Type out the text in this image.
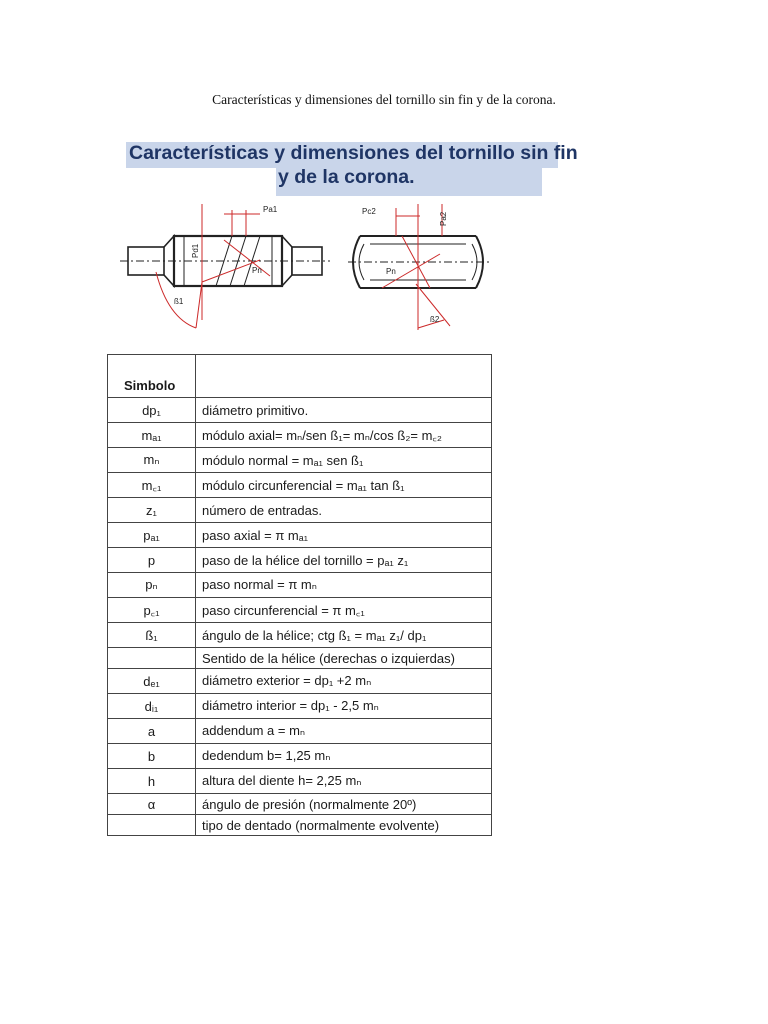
Características y dimensiones del tornillo sin fin y de la corona.
Características y dimensiones del tornillo sin fin
y de la corona.
Pa1
Pd1
Pn
ß1
Pc2
Pa2
Pn
ß2
Simbolo	
dp₁	diámetro primitivo.
mₐ₁	módulo axial= mₙ/sen ß₁= mₙ/cos ß₂= m꜀₂
mₙ	módulo normal = mₐ₁ sen ß₁
m꜀₁	módulo circunferencial = mₐ₁ tan ß₁
z₁	número de entradas.
pₐ₁	paso axial = π mₐ₁
p	paso de la hélice del tornillo = pₐ₁ z₁
pₙ	paso normal = π mₙ
p꜀₁	paso circunferencial = π m꜀₁
ß₁	ángulo de la hélice; ctg ß₁ = mₐ₁ z₁/ dp₁
	Sentido de la hélice (derechas o izquierdas)
dₑ₁	diámetro exterior = dp₁ +2 mₙ
dᵢ₁	diámetro interior = dp₁ - 2,5 mₙ
a	addendum a = mₙ
b	dedendum b= 1,25 mₙ
h	altura del diente h= 2,25 mₙ
α	ángulo de presión (normalmente 20º)
	tipo de dentado (normalmente evolvente)
